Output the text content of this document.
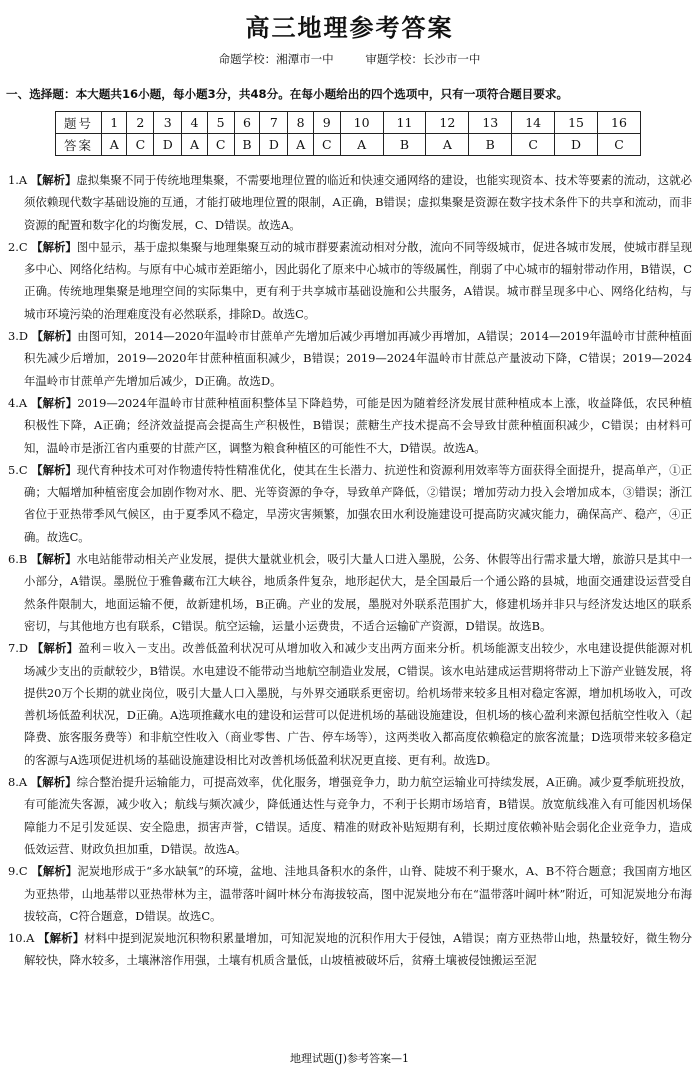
高三地理参考答案
命题学校：湘潭市一中	审题学校：长沙市一中
一、选择题：本大题共16小题，每小题3分，共48分。在每小题给出的四个选项中，只有一项符合题目要求。
题号	1	2	3	4	5	6	7	8	9	10	11	12	13	14	15	16
答案	A	C	D	A	C	B	D	A	C	A	B	A	B	C	D	C

1.A 【解析】虚拟集聚不同于传统地理集聚，不需要地理位置的临近和快速交通网络的建设，也能实现资本、技术等要素的流动，这就必须依赖现代数字基础设施的互通，才能打破地理位置的限制，A正确，B错误；虚拟集聚是资源在数字技术条件下的共享和流动，而非资源的配置和数字化的均衡发展，C、D错误。故选A。

2.C 【解析】图中显示，基于虚拟集聚与地理集聚互动的城市群要素流动相对分散，流向不同等级城市，促进各城市发展，使城市群呈现多中心、网络化结构。与原有中心城市差距缩小，因此弱化了原来中心城市的等级属性，削弱了中心城市的辐射带动作用，B错误，C正确。传统地理集聚是地理空间的实际集中，更有利于共享城市基础设施和公共服务，A错误。城市群呈现多中心、网络化结构，与城市环境污染的治理难度没有必然联系，排除D。故选C。

3.D 【解析】由图可知，2014—2020年温岭市甘蔗单产先增加后减少再增加再减少再增加，A错误；2014—2019年温岭市甘蔗种植面积先减少后增加，2019—2020年甘蔗种植面积减少，B错误；2019—2024年温岭市甘蔗总产量波动下降，C错误；2019—2024年温岭市甘蔗单产先增加后减少，D正确。故选D。

4.A 【解析】2019—2024年温岭市甘蔗种植面积整体呈下降趋势，可能是因为随着经济发展甘蔗种植成本上涨，收益降低，农民种植积极性下降，A正确；经济效益提高会提高生产积极性，B错误；蔗糖生产技术提高不会导致甘蔗种植面积减少，C错误；由材料可知，温岭市是浙江省内重要的甘蔗产区，调整为粮食种植区的可能性不大，D错误。故选A。

5.C 【解析】现代育种技术可对作物遗传特性精准优化，使其在生长潜力、抗逆性和资源利用效率等方面获得全面提升，提高单产，①正确；大幅增加种植密度会加剧作物对水、肥、光等资源的争夺，导致单产降低，②错误；增加劳动力投入会增加成本，③错误；浙江省位于亚热带季风气候区，由于夏季风不稳定，旱涝灾害频繁，加强农田水利设施建设可提高防灾减灾能力，确保高产、稳产，④正确。故选C。

6.B 【解析】水电站能带动相关产业发展，提供大量就业机会，吸引大量人口进入墨脱，公务、休假等出行需求量大增，旅游只是其中一小部分，A错误。墨脱位于雅鲁藏布江大峡谷，地质条件复杂，地形起伏大，是全国最后一个通公路的县城，地面交通建设运营受自然条件限制大，地面运输不便，故新建机场，B正确。产业的发展，墨脱对外联系范围扩大，修建机场并非只与经济发达地区的联系密切，与其他地方也有联系，C错误。航空运输，运量小运费贵，不适合运输矿产资源，D错误。故选B。

7.D 【解析】盈利＝收入－支出。改善低盈利状况可从增加收入和减少支出两方面来分析。机场能源支出较少，水电建设提供能源对机场减少支出的贡献较少，B错误。水电建设不能带动当地航空制造业发展，C错误。该水电站建成运营期将带动上下游产业链发展，将提供20万个长期的就业岗位，吸引大量人口入墨脱，与外界交通联系更密切。给机场带来较多且相对稳定客源，增加机场收入，可改善机场低盈利状况，D正确。A选项推藏水电的建设和运营可以促进机场的基础设施建设，但机场的核心盈利来源包括航空性收入（起降费、旅客服务费等）和非航空性收入（商业零售、广告、停车场等），这两类收入都高度依赖稳定的旅客流量；D选项带来较多稳定的客源与A选项促进机场的基础设施建设相比对改善机场低盈利状况更直接、更有利。故选D。

8.A 【解析】综合整治提升运输能力，可提高效率，优化服务，增强竞争力，助力航空运输业可持续发展，A正确。减少夏季航班投放，有可能流失客源，减少收入；航线与频次减少，降低通达性与竞争力，不利于长期市场培育，B错误。放宽航线准入有可能因机场保障能力不足引发延误、安全隐患，损害声誉，C错误。适度、精准的财政补贴短期有利，长期过度依赖补贴会弱化企业竞争力，造成低效运营、财政负担加重，D错误。故选A。

9.C 【解析】泥炭地形成于“多水缺氧”的环境，盆地、洼地具备积水的条件，山脊、陡坡不利于聚水，A、B不符合题意；我国南方地区为亚热带，山地基带以亚热带林为主，温带落叶阔叶林分布海拔较高，图中泥炭地分布在“温带落叶阔叶林”附近，可知泥炭地分布海拔较高，C符合题意，D错误。故选C。

10.A 【解析】材料中提到泥炭地沉积物积累量增加，可知泥炭地的沉积作用大于侵蚀，A错误；南方亚热带山地，热量较好，微生物分解较快，降水较多，土壤淋溶作用强，土壤有机质含量低，山坡植被破坏后，贫瘠土壤被侵蚀搬运至泥

地理试题(J)参考答案—1
